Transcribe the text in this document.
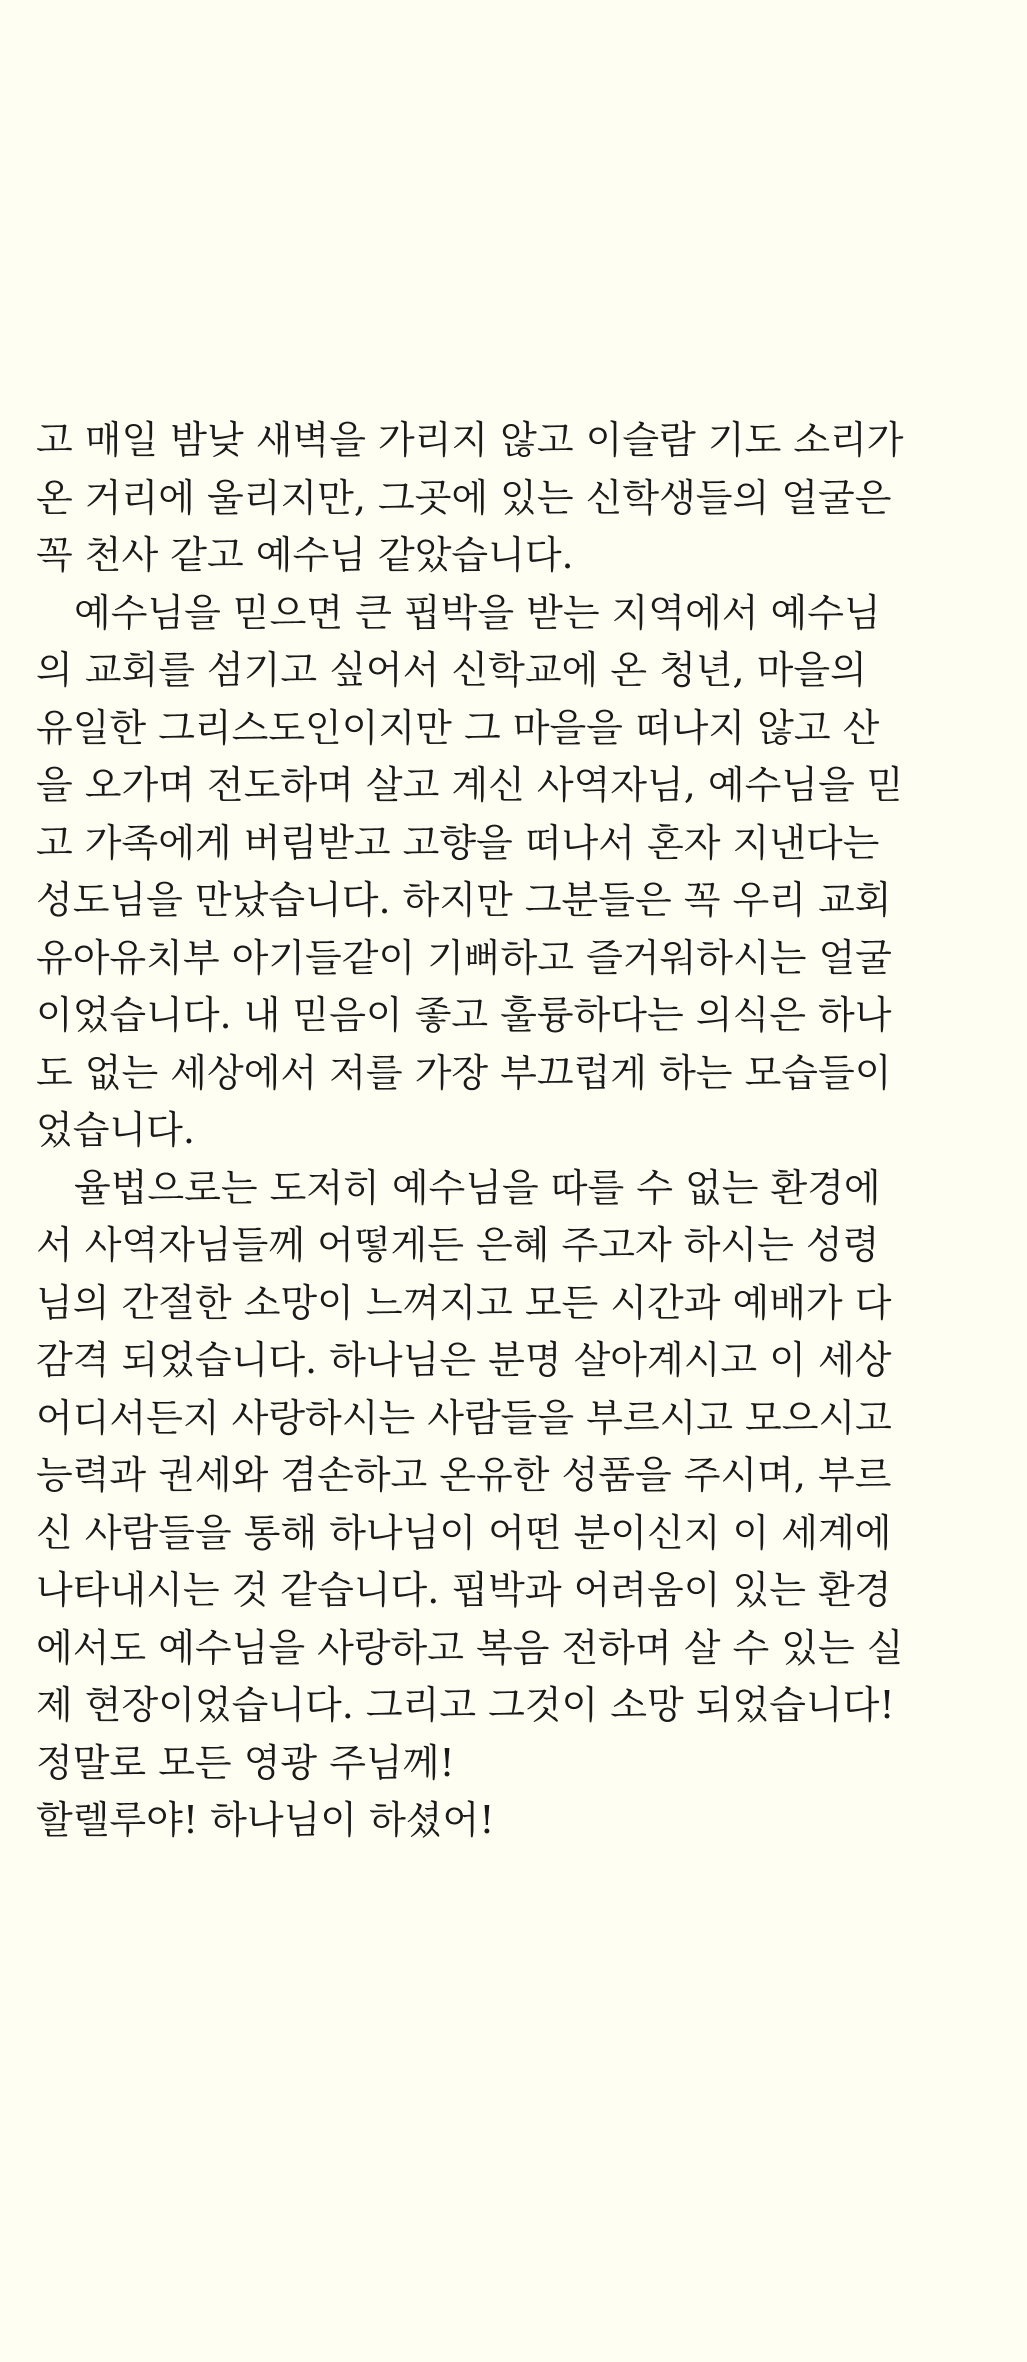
고 매일 밤낮 새벽을 가리지 않고 이슬람 기도 소리가
온 거리에 울리지만, 그곳에 있는 신학생들의 얼굴은
꼭 천사 같고 예수님 같았습니다.
예수님을 믿으면 큰 핍박을 받는 지역에서 예수님
의 교회를 섬기고 싶어서 신학교에 온 청년, 마을의
유일한 그리스도인이지만 그 마을을 떠나지 않고 산
을 오가며 전도하며 살고 계신 사역자님, 예수님을 믿
고 가족에게 버림받고 고향을 떠나서 혼자 지낸다는
성도님을 만났습니다. 하지만 그분들은 꼭 우리 교회
유아유치부 아기들같이 기뻐하고 즐거워하시는 얼굴
이었습니다. 내 믿음이 좋고 훌륭하다는 의식은 하나
도 없는 세상에서 저를 가장 부끄럽게 하는 모습들이
었습니다.
율법으로는 도저히 예수님을 따를 수 없는 환경에
서 사역자님들께 어떻게든 은혜 주고자 하시는 성령
님의 간절한 소망이 느껴지고 모든 시간과 예배가 다
감격 되었습니다. 하나님은 분명 살아계시고 이 세상
어디서든지 사랑하시는 사람들을 부르시고 모으시고
능력과 권세와 겸손하고 온유한 성품을 주시며, 부르
신 사람들을 통해 하나님이 어떤 분이신지 이 세계에
나타내시는 것 같습니다. 핍박과 어려움이 있는 환경
에서도 예수님을 사랑하고 복음 전하며 살 수 있는 실
제 현장이었습니다. 그리고 그것이 소망 되었습니다!
정말로 모든 영광 주님께!
할렐루야! 하나님이 하셨어!
